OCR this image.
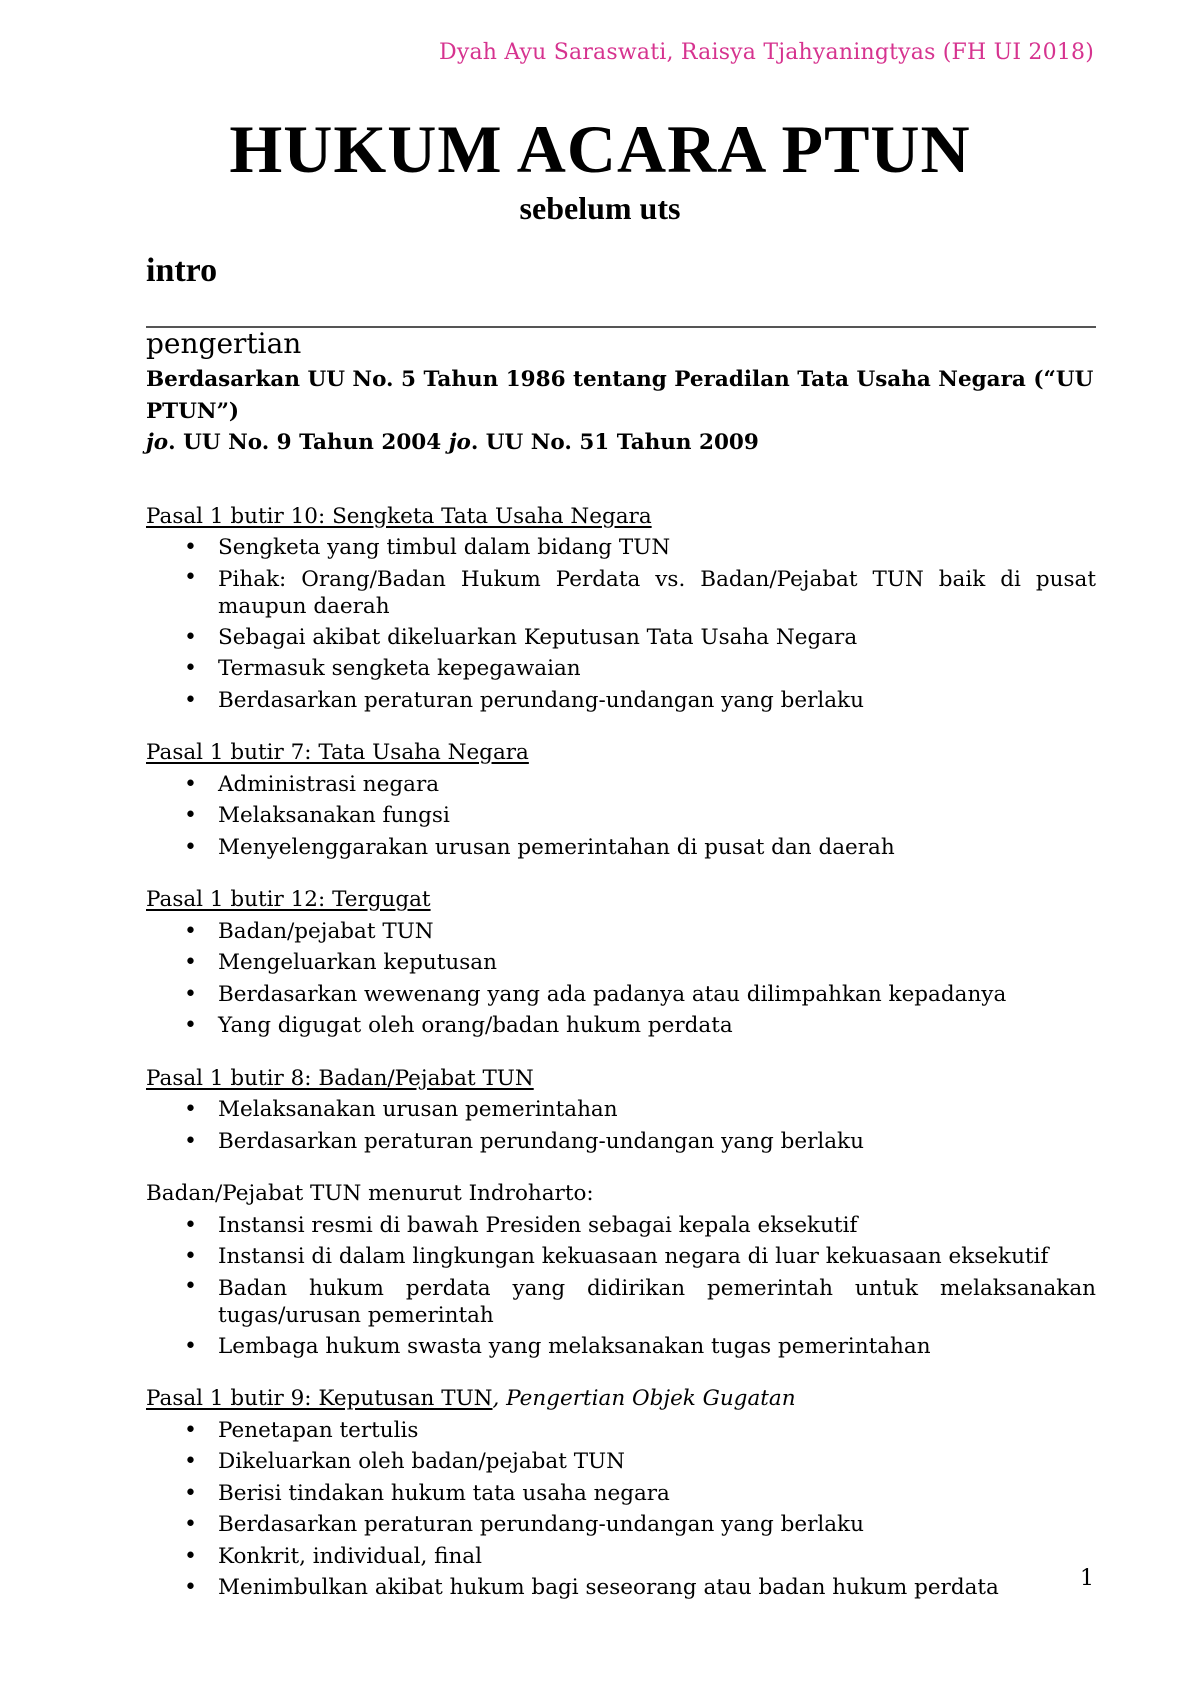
Dyah Ayu Saraswati, Raisya Tjahyaningtyas (FH UI 2018)
HUKUM ACARA PTUN
sebelum uts
intro
pengertian

Berdasarkan UU No. 5 Tahun 1986 tentang Peradilan Tata Usaha Negara (“UU PTUN”)
jo. UU No. 9 Tahun 2004 jo. UU No. 51 Tahun 2009

Pasal 1 butir 10: Sengketa Tata Usaha Negara

• Sengketa yang timbul dalam bidang TUN
• Pihak: Orang/Badan Hukum Perdata vs. Badan/Pejabat TUN baik di pusat maupun daerah
• Sebagai akibat dikeluarkan Keputusan Tata Usaha Negara
• Termasuk sengketa kepegawaian
• Berdasarkan peraturan perundang-undangan yang berlaku

Pasal 1 butir 7: Tata Usaha Negara

• Administrasi negara
• Melaksanakan fungsi
• Menyelenggarakan urusan pemerintahan di pusat dan daerah

Pasal 1 butir 12: Tergugat

• Badan/pejabat TUN
• Mengeluarkan keputusan
• Berdasarkan wewenang yang ada padanya atau dilimpahkan kepadanya
• Yang digugat oleh orang/badan hukum perdata

Pasal 1 butir 8: Badan/Pejabat TUN

• Melaksanakan urusan pemerintahan
• Berdasarkan peraturan perundang-undangan yang berlaku

Badan/Pejabat TUN menurut Indroharto:

• Instansi resmi di bawah Presiden sebagai kepala eksekutif
• Instansi di dalam lingkungan kekuasaan negara di luar kekuasaan eksekutif
• Badan hukum perdata yang didirikan pemerintah untuk melaksanakan tugas/urusan pemerintah
• Lembaga hukum swasta yang melaksanakan tugas pemerintahan

Pasal 1 butir 9: Keputusan TUN, Pengertian Objek Gugatan

• Penetapan tertulis
• Dikeluarkan oleh badan/pejabat TUN
• Berisi tindakan hukum tata usaha negara
• Berdasarkan peraturan perundang-undangan yang berlaku
• Konkrit, individual, final
• Menimbulkan akibat hukum bagi seseorang atau badan hukum perdata	1
